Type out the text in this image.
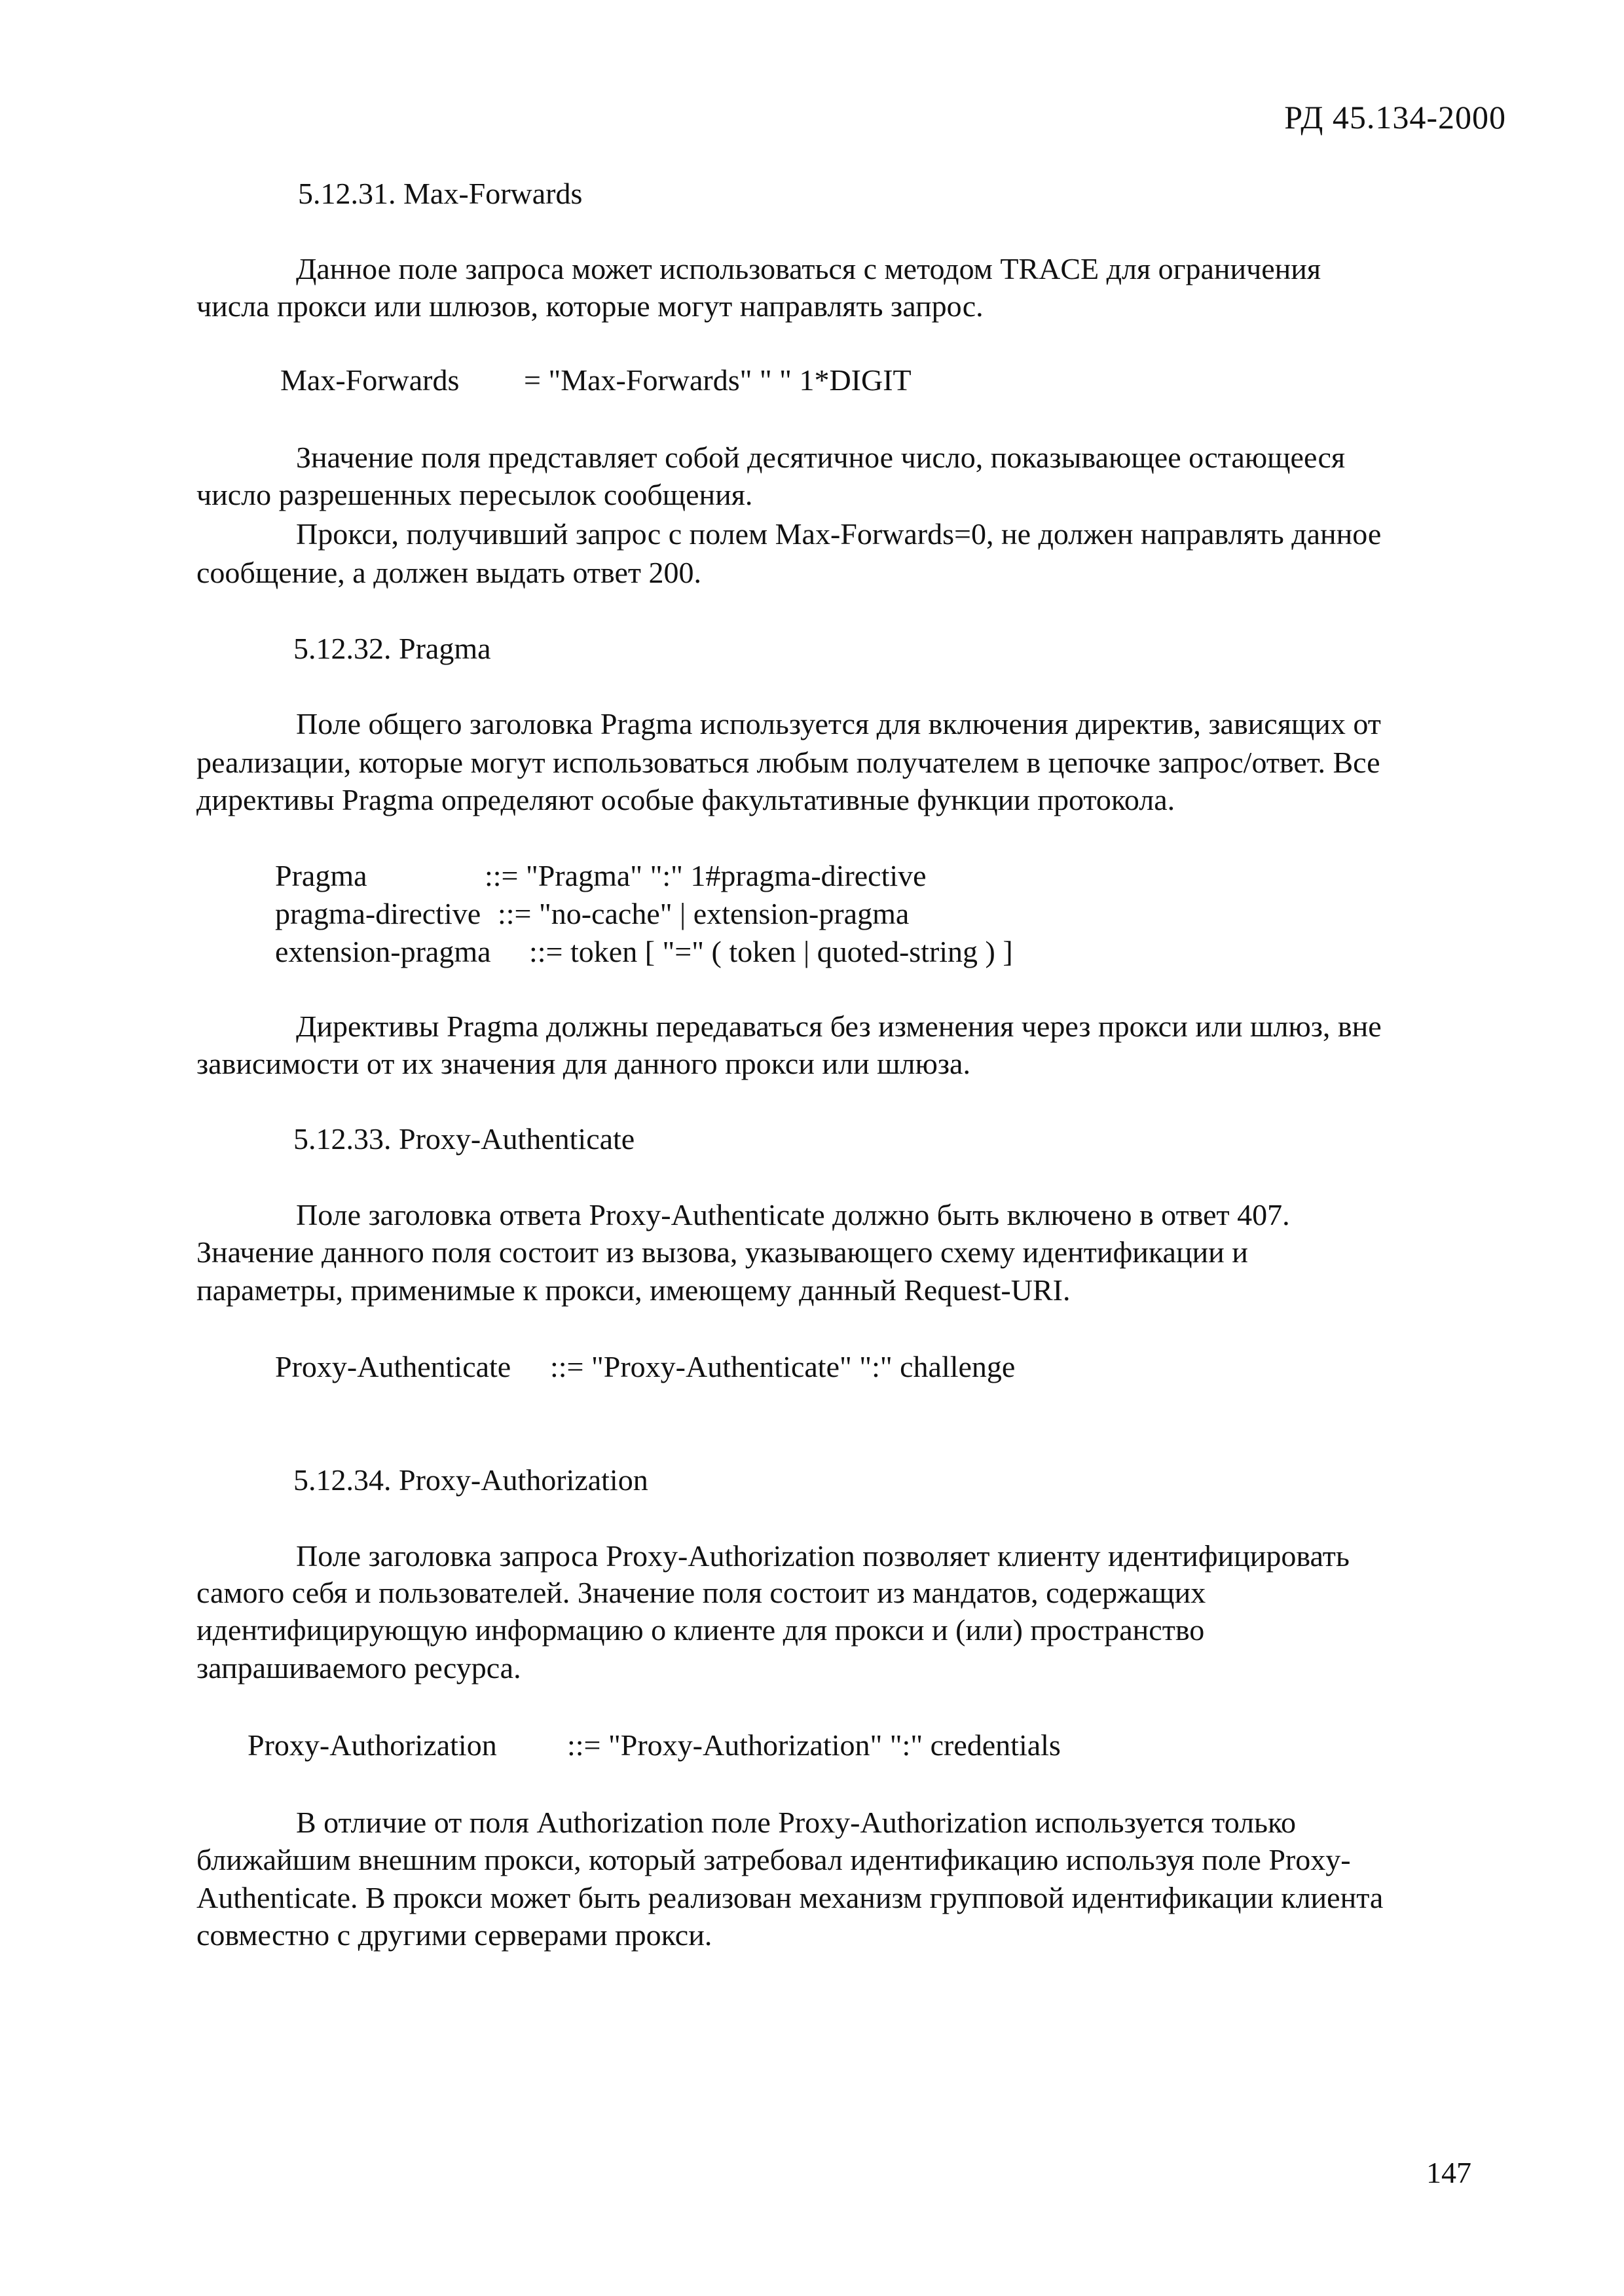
РД 45.134-2000
5.12.31. Max-Forwards
Данное поле запроса может использоваться с методом TRACE для ограничения
числа прокси или шлюзов, которые могут направлять запрос.
Max-Forwards = "Max-Forwards" " " 1*DIGIT
Значение поля представляет собой десятичное число, показывающее остающееся
число разрешенных пересылок сообщения.
Прокси, получивший запрос с полем Max-Forwards=0, не должен направлять данное
сообщение, а должен выдать ответ 200.
5.12.32. Pragma
Поле общего заголовка Pragma используется для включения директив, зависящих от
реализации, которые могут использоваться любым получателем в цепочке запрос/ответ. Все
директивы Pragma определяют особые факультативные функции протокола.
Pragma	::= "Pragma" ":" 1#pragma-directive
pragma-directive ::= "no-cache" | extension-pragma
extension-pragma ::= token [ "=" ( token | quoted-string ) ]
Директивы Pragma должны передаваться без изменения через прокси или шлюз, вне
зависимости от их значения для данного прокси или шлюза.
5.12.33. Proxy-Authenticate
Поле заголовка ответа Proxy-Authenticate должно быть включено в ответ 407.
Значение данного поля состоит из вызова, указывающего схему идентификации и
параметры, применимые к прокси, имеющему данный Request-URI.
Proxy-Authenticate ::= "Proxy-Authenticate" ":" challenge
5.12.34. Proxy-Authorization
Поле заголовка запроса Proxy-Authorization позволяет клиенту идентифицировать
самого себя и пользователей. Значение поля состоит из мандатов, содержащих
идентифицирующую информацию о клиенте для прокси и (или) пространство
запрашиваемого ресурса.
Proxy-Authorization ::= "Proxy-Authorization" ":" credentials
В отличие от поля Authorization поле Proxy-Authorization используется только
ближайшим внешним прокси, который затребовал идентификацию используя поле Proxy-
Authenticate. В прокси может быть реализован механизм групповой идентификации клиента
совместно с другими серверами прокси.
147
